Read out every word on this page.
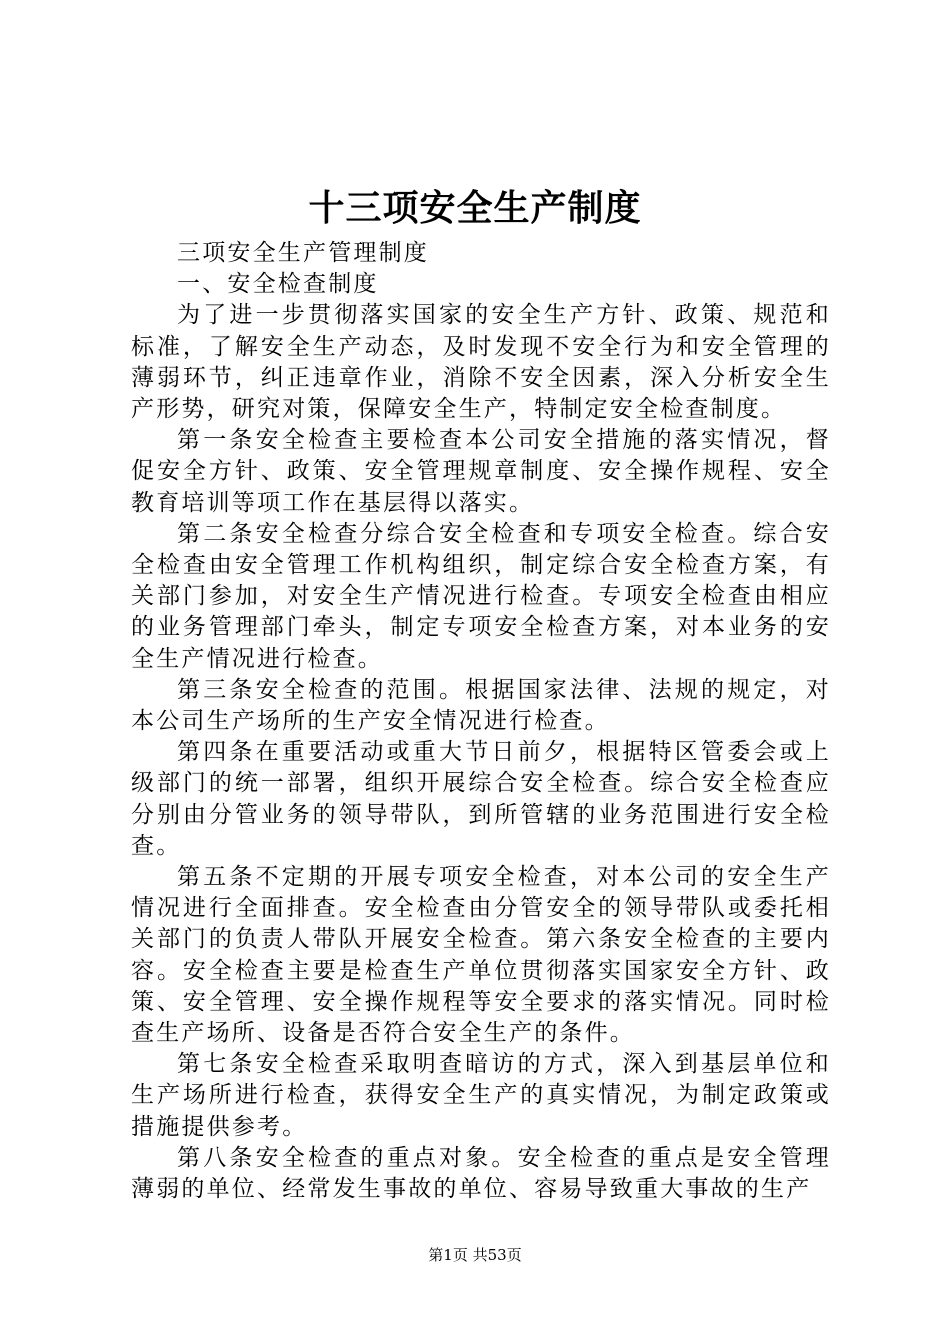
十三项安全生产制度

三项安全生产管理制度

一、安全检查制度

为了进一步贯彻落实国家的安全生产方针、政策、规范和标准，了解安全生产动态，及时发现不安全行为和安全管理的薄弱环节，纠正违章作业，消除不安全因素，深入分析安全生产形势，研究对策，保障安全生产，特制定安全检查制度。

第一条安全检查主要检查本公司安全措施的落实情况，督促安全方针、政策、安全管理规章制度、安全操作规程、安全教育培训等项工作在基层得以落实。

第二条安全检查分综合安全检查和专项安全检查。综合安全检查由安全管理工作机构组织，制定综合安全检查方案，有关部门参加，对安全生产情况进行检查。专项安全检查由相应的业务管理部门牵头，制定专项安全检查方案，对本业务的安全生产情况进行检查。

第三条安全检查的范围。根据国家法律、法规的规定，对本公司生产场所的生产安全情况进行检查。

第四条在重要活动或重大节日前夕，根据特区管委会或上级部门的统一部署，组织开展综合安全检查。综合安全检查应分别由分管业务的领导带队，到所管辖的业务范围进行安全检查。

第五条不定期的开展专项安全检查，对本公司的安全生产情况进行全面排查。安全检查由分管安全的领导带队或委托相关部门的负责人带队开展安全检查。第六条安全检查的主要内容。安全检查主要是检查生产单位贯彻落实国家安全方针、政策、安全管理、安全操作规程等安全要求的落实情况。同时检查生产场所、设备是否符合安全生产的条件。

第七条安全检查采取明查暗访的方式，深入到基层单位和生产场所进行检查，获得安全生产的真实情况，为制定政策或措施提供参考。

第八条安全检查的重点对象。安全检查的重点是安全管理薄弱的单位、经常发生事故的单位、容易导致重大事故的生产

第1页 共53页
